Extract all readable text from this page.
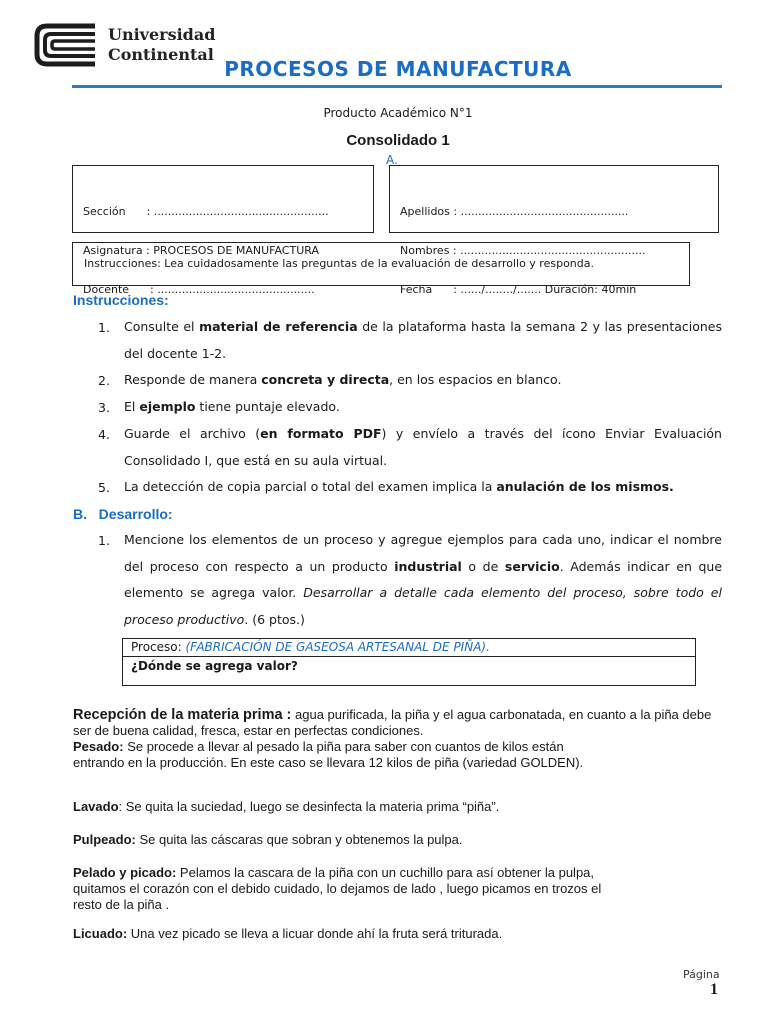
Universidad
Continental
PROCESOS DE MANUFACTURA
Producto Académico N°1
Consolidado 1
A.

Sección      : ..................................................

Asignatura : PROCESOS DE MANUFACTURA

Docente      : .............................................

Apellidos : ................................................

Nombres : .....................................................

Fecha      : ....../......../....... Duración: 40min

Instrucciones: Lea cuidadosamente las preguntas de la evaluación de desarrollo y responda.
Instrucciones:
1. Consulte el material de referencia de la plataforma hasta la semana 2 y las presentaciones del docente 1-2.
2. Responde de manera concreta y directa, en los espacios en blanco.
3. El ejemplo tiene puntaje elevado.
4. Guarde el archivo (en formato PDF) y envíelo a través del ícono Enviar Evaluación Consolidado I, que está en su aula virtual.
5. La detección de copia parcial o total del examen implica la anulación de los mismos.
B.   Desarrollo:
1. Mencione los elementos de un proceso y agregue ejemplos para cada uno, indicar el nombre del proceso con respecto a un producto industrial o de servicio. Además indicar en que elemento se agrega valor. Desarrollar a detalle cada elemento del proceso, sobre todo el proceso productivo. (6 ptos.)
Proceso: (FABRICACIÓN DE GASEOSA ARTESANAL DE PIÑA).
¿Dónde se agrega valor?
Recepción de la materia prima : agua purificada, la piña y el agua carbonatada, en cuanto a la piña debe ser de buena calidad, fresca, estar en perfectas condiciones.
Pesado: Se procede a llevar al pesado la piña para saber con cuantos de kilos están entrando en la producción. En este caso se llevara 12 kilos de piña (variedad GOLDEN).
Lavado: Se quita la suciedad, luego se desinfecta la materia prima “piña”.
Pulpeado: Se quita las cáscaras que sobran y obtenemos la pulpa.
Pelado y picado: Pelamos la cascara de la piña con un cuchillo para así obtener la pulpa, quitamos el corazón con el debido cuidado, lo dejamos de lado , luego picamos en trozos el resto de la piña .
Licuado: Una vez picado se lleva a licuar donde ahí la fruta será triturada.
Página
1
